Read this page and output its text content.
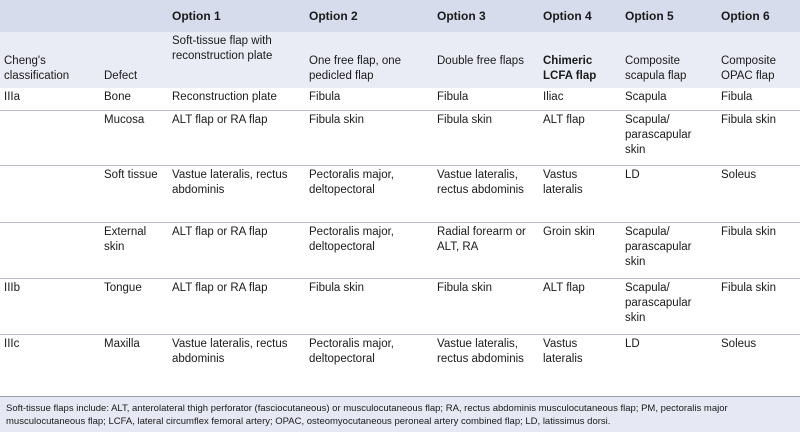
		Option 1	Option 2	Option 3	Option 4	Option 5	Option 6
Cheng's classification	Defect	Soft-tissue flap with reconstruction plate	One free flap, one pedicled flap	Double free flaps	Chimeric LCFA flap	Composite scapula flap	Composite OPAC flap
IIIa	Bone	Reconstruction plate	Fibula	Fibula	Iliac	Scapula	Fibula
	Mucosa	ALT flap or RA flap	Fibula skin	Fibula skin	ALT flap	Scapula/ parascapular skin	Fibula skin
	Soft tissue	Vastue lateralis, rectus abdominis	Pectoralis major, deltopectoral	Vastue lateralis, rectus abdominis	Vastus lateralis	LD	Soleus
	External skin	ALT flap or RA flap	Pectoralis major, deltopectoral	Radial forearm or ALT, RA	Groin skin	Scapula/ parascapular skin	Fibula skin
IIIb	Tongue	ALT flap or RA flap	Fibula skin	Fibula skin	ALT flap	Scapula/ parascapular skin	Fibula skin
IIIc	Maxilla	Vastue lateralis, rectus abdominis	Pectoralis major, deltopectoral	Vastue lateralis, rectus abdominis	Vastus lateralis	LD	Soleus
Soft-tissue flaps include: ALT, anterolateral thigh perforator (fasciocutaneous) or musculocutaneous flap; RA, rectus abdominis musculocutaneous flap; PM, pectoralis major musculocutaneous flap; LCFA, lateral circumflex femoral artery; OPAC, osteomyocutaneous peroneal artery combined flap; LD, latissimus dorsi.
